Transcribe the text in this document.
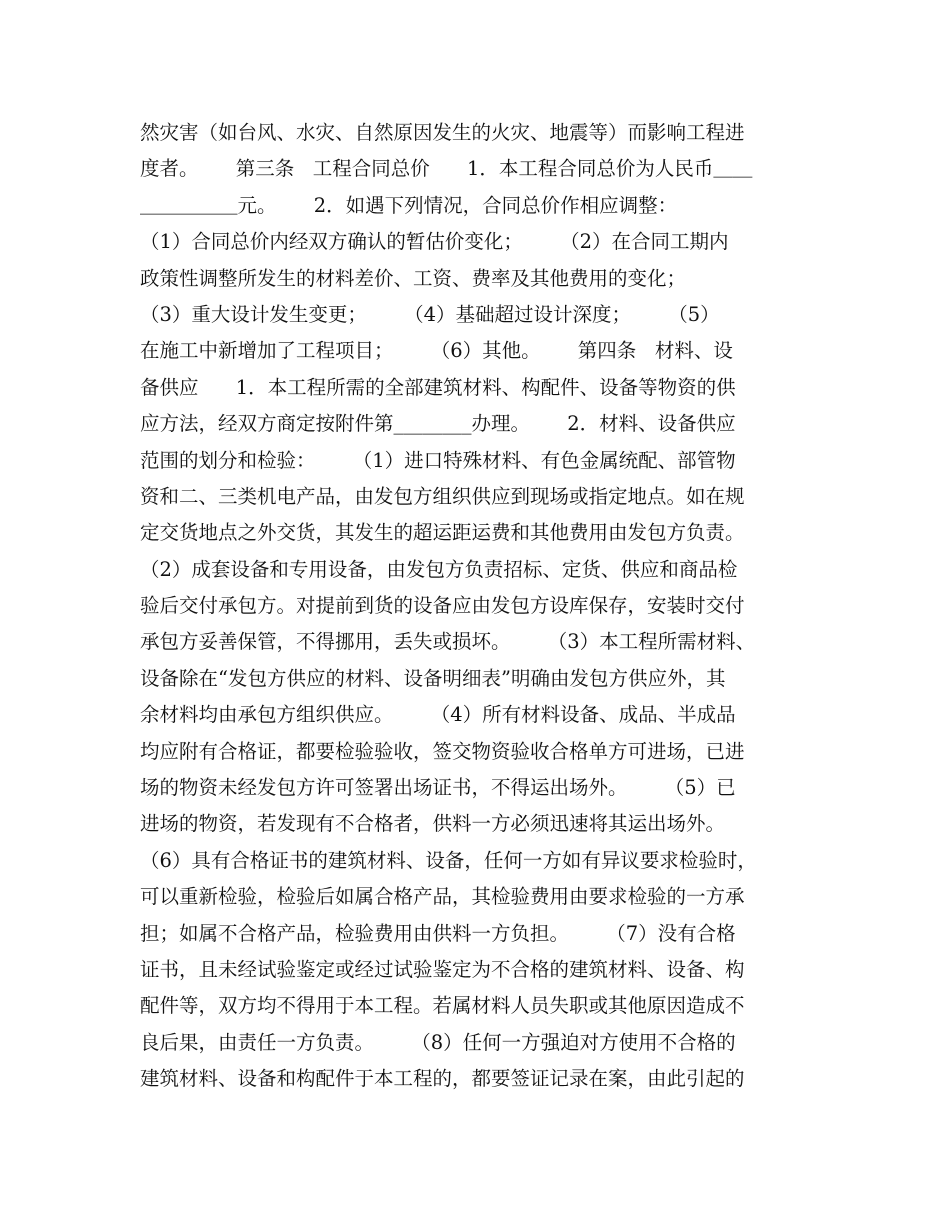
然灾害（如台风、水灾、自然原因发生的火灾、地震等）而影响工程进
度者。      第三条   工程合同总价      1．本工程合同总价为人民币＿＿
＿＿＿＿＿元。      2．如遇下列情况，合同总价作相应调整：
（1）合同总价内经双方确认的暂估价变化；      （2）在合同工期内
政策性调整所发生的材料差价、工资、费率及其他费用的变化；
（3）重大设计发生变更；      （4）基础超过设计深度；      （5）
在施工中新增加了工程项目；      （6）其他。      第四条   材料、设
备供应      1．本工程所需的全部建筑材料、构配件、设备等物资的供
应方法，经双方商定按附件第________办理。      2．材料、设备供应
范围的划分和检验：      （1）进口特殊材料、有色金属统配、部管物
资和二、三类机电产品，由发包方组织供应到现场或指定地点。如在规
定交货地点之外交货，其发生的超运距运费和其他费用由发包方负责。
（2）成套设备和专用设备，由发包方负责招标、定货、供应和商品检
验后交付承包方。对提前到货的设备应由发包方设库保存，安装时交付
承包方妥善保管，不得挪用，丢失或损坏。      （3）本工程所需材料、
设备除在“发包方供应的材料、设备明细表”明确由发包方供应外，其
余材料均由承包方组织供应。      （4）所有材料设备、成品、半成品
均应附有合格证，都要检验验收，签交物资验收合格单方可进场，已进
场的物资未经发包方许可签署出场证书，不得运出场外。      （5）已
进场的物资，若发现有不合格者，供料一方必须迅速将其运出场外。
（6）具有合格证书的建筑材料、设备，任何一方如有异议要求检验时，
可以重新检验，检验后如属合格产品，其检验费用由要求检验的一方承
担；如属不合格产品，检验费用由供料一方负担。      （7）没有合格
证书，且未经试验鉴定或经过试验鉴定为不合格的建筑材料、设备、构
配件等，双方均不得用于本工程。若属材料人员失职或其他原因造成不
良后果，由责任一方负责。      （8）任何一方强迫对方使用不合格的
建筑材料、设备和构配件于本工程的，都要签证记录在案，由此引起的
